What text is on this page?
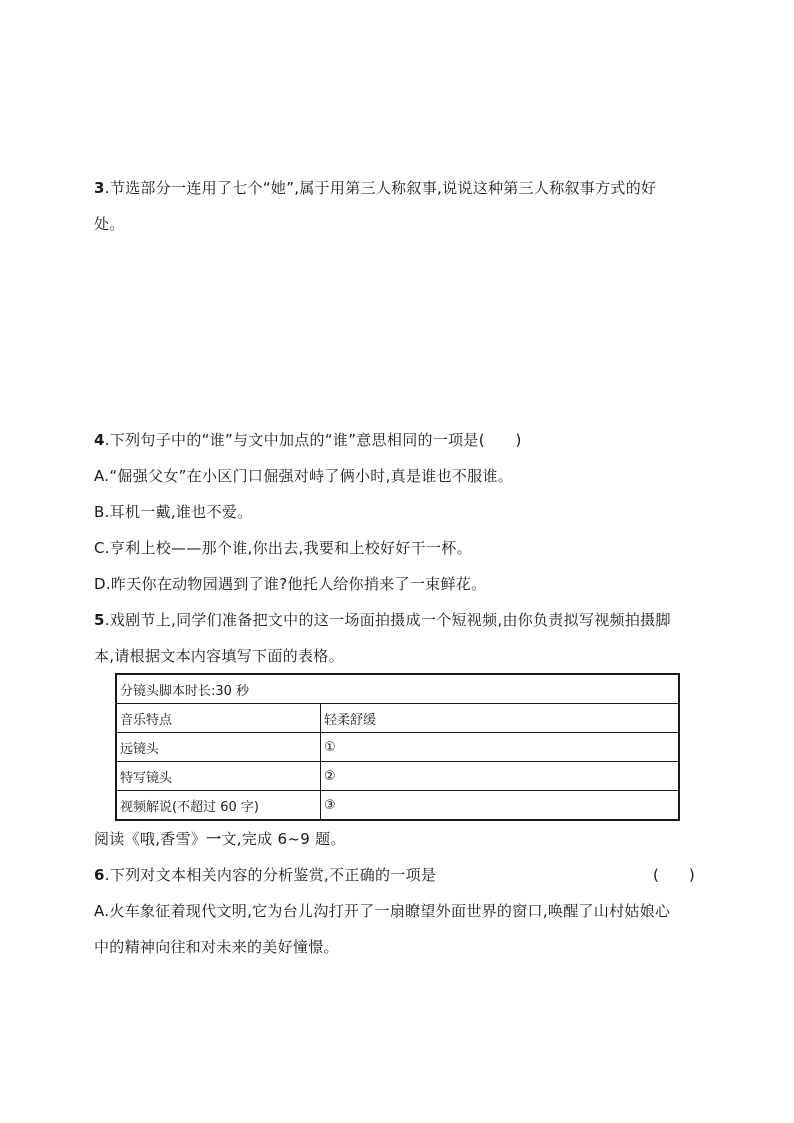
3.节选部分一连用了七个“她”,属于用第三人称叙事,说说这种第三人称叙事方式的好
处。
4.下列句子中的“谁”与文中加点的“谁”意思相同的一项是(　　)
A.“倔强父女”在小区门口倔强对峙了俩小时,真是谁也不服谁。
B.耳机一戴,谁也不爱。
C.亨利上校——那个谁,你出去,我要和上校好好干一杯。
D.昨天你在动物园遇到了谁?他托人给你捎来了一束鲜花。
5.戏剧节上,同学们准备把文中的这一场面拍摄成一个短视频,由你负责拟写视频拍摄脚
本,请根据文本内容填写下面的表格。
分镜头脚本时长:30 秒	
音乐特点	轻柔舒缓
远镜头	①
特写镜头	②
视频解说(不超过 60 字)	③
阅读《哦,香雪》一文,完成 6~9 题。
6.下列对文本相关内容的分析鉴赏,不正确的一项是	(　　)
A.火车象征着现代文明,它为台儿沟打开了一扇瞭望外面世界的窗口,唤醒了山村姑娘心
中的精神向往和对未来的美好憧憬。
